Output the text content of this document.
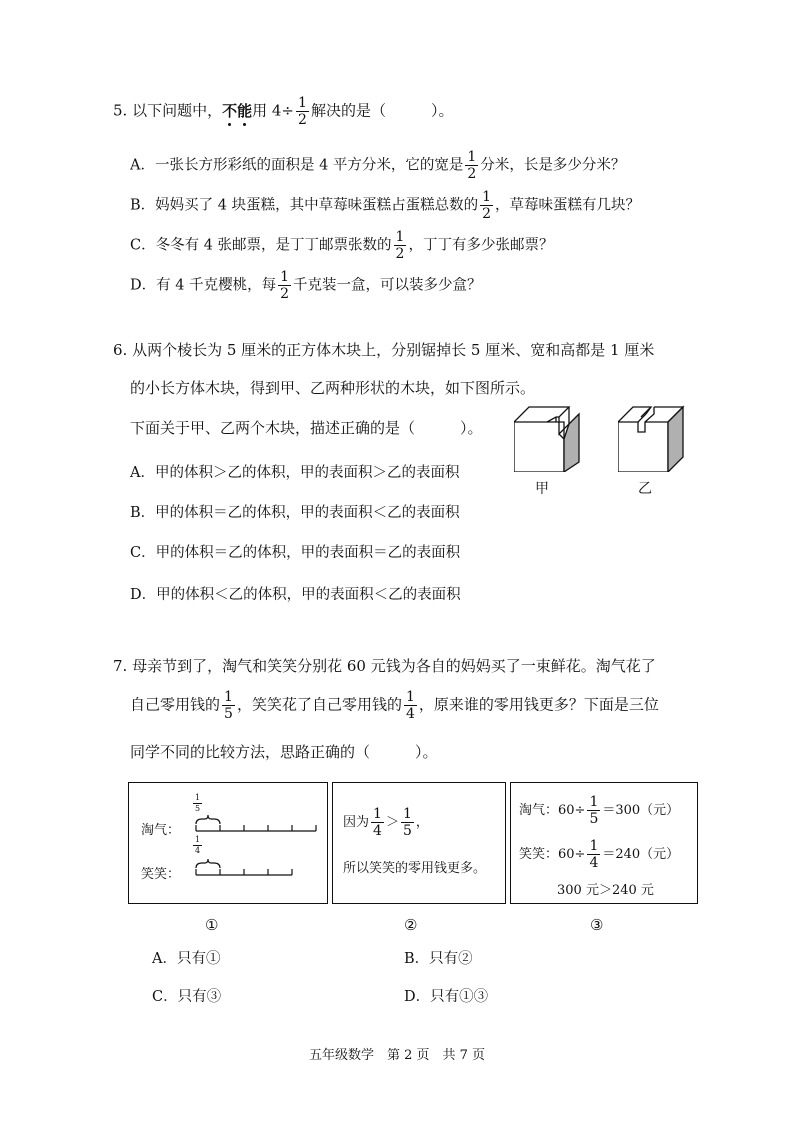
5. 以下问题中，不能用 $4\div \frac{1}{2}$ 解决的是（　　　）。
A．一张长方形彩纸的面积是 4 平方分米，它的宽是 $\frac{1}{2}$ 分米，长是多少分米？
B．妈妈买了 4 块蛋糕，其中草莓味蛋糕占蛋糕总数的 $\frac{1}{2}$ ，草莓味蛋糕有几块？
C．冬冬有 4 张邮票，是丁丁邮票张数的 $\frac{1}{2}$ ，丁丁有多少张邮票？
D．有 4 千克樱桃，每 $\frac{1}{2}$ 千克装一盒，可以装多少盒？
6. 从两个棱长为 5 厘米的正方体木块上，分别锯掉长 5 厘米、宽和高都是 1 厘米
的小长方体木块，得到甲、乙两种形状的木块，如下图所示。
下面关于甲、乙两个木块，描述正确的是（　　　）。
A．甲的体积＞乙的体积，甲的表面积＞乙的表面积
B．甲的体积＝乙的体积，甲的表面积＜乙的表面积
C．甲的体积＝乙的体积，甲的表面积＝乙的表面积
D．甲的体积＜乙的体积，甲的表面积＜乙的表面积
甲	乙
7. 母亲节到了，淘气和笑笑分别花 60 元钱为各自的妈妈买了一束鲜花。淘气花了
自己零用钱的 $\frac{1}{5}$ ，笑笑花了自己零用钱的 $\frac{1}{4}$ ，原来谁的零用钱更多？下面是三位
同学不同的比较方法，思路正确的（　　　）。
$\frac{1}{5}$
淘气：
$\frac{1}{4}$
笑笑：
因为 $\frac{1}{4} > \frac{1}{5}$ ，
所以笑笑的零用钱更多。
淘气：$60\div \frac{1}{5} =300$（元）
笑笑：$60\div \frac{1}{4} =240$（元）
300 元＞240 元
①	②	③
A．只有①	B．只有②
C．只有③	D．只有①③
五年级数学　第 2 页　共 7 页
